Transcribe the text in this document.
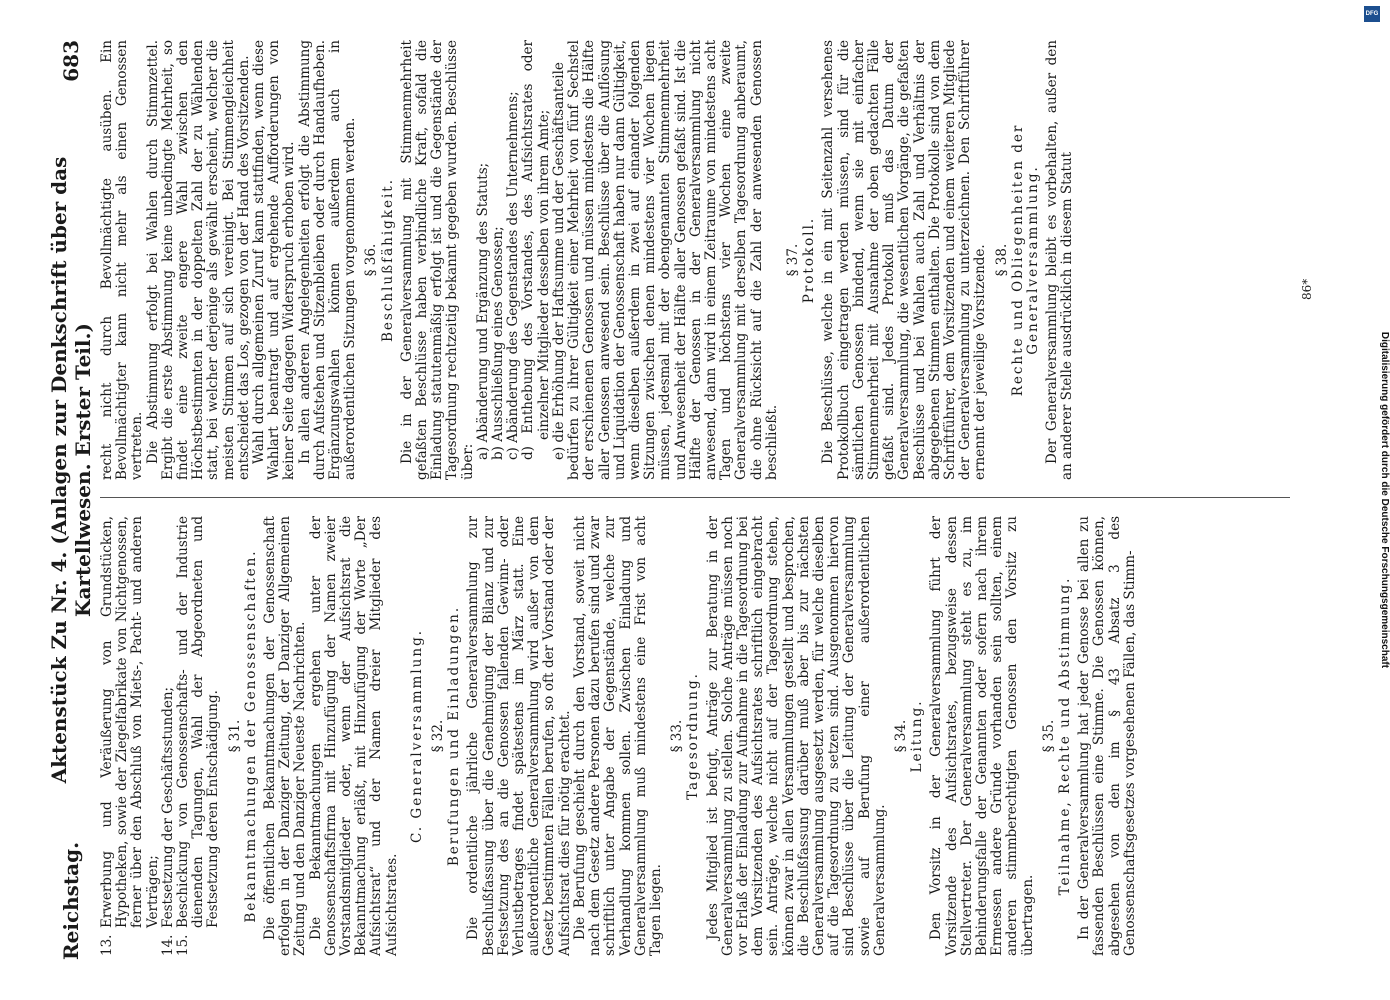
Reichstag.
Aktenstück Zu Nr. 4. (Anlagen zur Denkschrift über das Kartellwesen. Erster Teil.)
683

13.Erwerbung und Veräußerung von Grundstücken, Hypotheken, sowie der Ziegelfabrikate von Nichtgenossen, ferner über den Abschluß von Miets-, Pacht- und anderen Verträgen;

14.Festsetzung der Geschäftsstunden;

15.Beschickung von Genossenschafts- und der Industrie dienenden Tagungen, Wahl der Abgeordneten und Festsetzung deren Entschädigung. § 31. Bekanntmachungen der Genossenschaften. Die öffentlichen Bekanntmachungen der Genossenschaft erfolgen in der Danziger Zeitung, der Danziger Allgemeinen Zeitung und den Danziger Neueste Nachrichten. Die Bekanntmachungen ergehen unter der Genossenschaftsfirma mit Hinzufügung der Namen zweier Vorstandsmitglieder oder, wenn der Aufsichtsrat die Bekanntmachung erläßt, mit Hinzufügung der Worte „Der Aufsichtsrat“ und der Namen dreier Mitglieder des Aufsichtsrates.

C. Generalversammlung. § 32. Berufungen und Einladungen. Die ordentliche jährliche Generalversammlung zur Beschlußfassung über die Genehmigung der Bilanz und zur Festsetzung des an die Genossen fallenden Gewinn- oder Verlustbetrages findet spätestens im März statt. Eine außerordentliche Generalversammlung wird außer von dem Gesetz bestimmten Fällen berufen, so oft der Vorstand oder der Aufsichtsrat dies für nötig erachtet. Die Berufung geschieht durch den Vorstand, soweit nicht nach dem Gesetz andere Personen dazu berufen sind und zwar schriftlich unter Angabe der Gegenstände, welche zur Verhandlung kommen sollen. Zwischen Einladung und Generalversammlung muß mindestens eine Frist von acht Tagen liegen.

§ 33. Tagesordnung. Jedes Mitglied ist befugt, Anträge zur Beratung in der Generalversammlung zu stellen. Solche Anträge müssen noch vor Erlaß der Einladung zur Aufnahme in die Tagesordnung bei dem Vorsitzenden des Aufsichtsrates schriftlich eingebracht sein. Anträge, welche nicht auf der Tagesordnung stehen, können zwar in allen Versammlungen gestellt und besprochen, die Beschlußfassung darüber muß aber bis zur nächsten Generalversammlung ausgesetzt werden, für welche dieselben auf die Tagesordnung zu setzen sind. Ausgenommen hiervon sind Beschlüsse über die Leitung der Generalversammlung sowie auf Berufung einer außerordentlichen Generalversammlung.

§ 34. Leitung. Den Vorsitz in der Generalversammlung führt der Vorsitzende des Aufsichtsrates, bezugsweise dessen Stellvertreter. Der Generalversammlung steht es zu, im Behinderungsfalle der Genannten oder sofern nach ihrem Ermessen andere Gründe vorhanden sein sollten, einem anderen stimmberechtigten Genossen den Vorsitz zu übertragen.

§ 35. Teilnahme, Rechte und Abstimmung. In der Generalversammlung hat jeder Genosse bei allen zu fassenden Beschlüssen eine Stimme. Die Genossen können, abgesehen von den im § 43 Absatz 3 des Genossenschaftsgesetzes vorgesehenen Fällen, das Stimm-

recht nicht durch Bevollmächtigte ausüben. Ein Bevollmächtigter kann nicht mehr als einen Genossen vertreten. Die Abstimmung erfolgt bei Wahlen durch Stimmzettel. Ergibt die erste Abstimmung keine unbedingte Mehrheit, so findet eine zweite engere Wahl zwischen den Höchstbestimmten in der doppelten Zahl der zu Wählenden statt, bei welcher derjenige als gewählt erscheint, welcher die meisten Stimmen auf sich vereinigt. Bei Stimmengleichheit entscheidet das Los, gezogen von der Hand des Vorsitzenden. Wahl durch allgemeinen Zuruf kann stattfinden, wenn diese Wahlart beantragt und auf ergehende Aufforderungen von keiner Seite dagegen Widerspruch erhoben wird. In allen anderen Angelegenheiten erfolgt die Abstimmung durch Aufstehen und Sitzenbleiben oder durch Handaufheben. Ergänzungswahlen können außerdem auch in außerordentlichen Sitzungen vorgenommen werden. § 36. Beschlußfähigkeit. Die in der Generalversammlung mit Stimmenmehrheit gefaßten Beschlüsse haben verbindliche Kraft, sofald die Einladung statutenmäßig erfolgt ist und die Gegenstände der Tagesordnung rechtzeitig bekannt gegeben wurden. Beschlüsse über:

a) Abänderung und Ergänzung des Statuts; b) Ausschließung eines Genossen; c) Abänderung des Gegenstandes des Unternehmens; d) Enthebung des Vorstandes, des Aufsichtsrates oder einzelner Mitglieder desselben von ihrem Amte; e) die Erhöhung der Haftsumme und der Geschäftsanteile bedürfen zu ihrer Gültigkeit einer Mehrheit von fünf Sechstel der erschienenen Genossen und müssen mindestens die Hälfte aller Genossen anwesend sein. Beschlüsse über die Auflösung und Liquidation der Genossenschaft haben nur dann Gültigkeit, wenn dieselben außerdem in zwei auf einander folgenden Sitzungen zwischen denen mindestens vier Wochen liegen müssen, jedesmal mit der obengenannten Stimmenmehrheit und Anwesenheit der Hälfte aller Genossen gefaßt sind. Ist die Hälfte der Genossen in der Generalversammlung nicht anwesend, dann wird in einem Zeitraume von mindestens acht Tagen und höchstens vier Wochen eine zweite Generalversammlung mit derselben Tagesordnung anberaumt, die ohne Rücksicht auf die Zahl der anwesenden Genossen beschließt.

§ 37. Protokoll. Die Beschlüsse, welche in ein mit Seitenzahl versehenes Protokollbuch eingetragen werden müssen, sind für die sämtlichen Genossen bindend, wenn sie mit einfacher Stimmenmehrheit mit Ausnahme der oben gedachten Fälle gefaßt sind. Jedes Protokoll muß das Datum der Generalversammlung, die wesentlichen Vorgänge, die gefaßten Beschlüsse und bei Wahlen auch Zahl und Verhältnis der abgegebenen Stimmen enthalten. Die Protokolle sind von dem Schriftführer, dem Vorsitzenden und einem weiteren Mitgliede der Generalversammlung zu unterzeichnen. Den Schriftführer ernennt der jeweilige Vorsitzende. § 38. Rechte und Obliegenheiten der Generalversammlung. Der Generalversammlung bleibt es vorbehalten, außer den an anderer Stelle ausdrücklich in diesem Statut	86*
DFG
Digitalisierung gefördert durch die Deutsche Forschungsgemeinschaft
